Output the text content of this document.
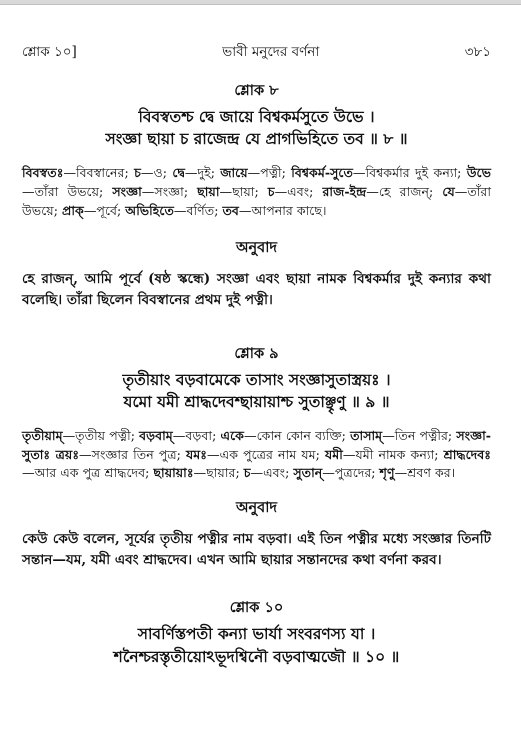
শ্লোক ১০]	ভাবী মনুদের বর্ণনা	৩৮১
শ্লোক ৮
বিবস্বতশ্চ দ্বে জায়ে বিশ্বকর্মসুতে উভে ।
সংজ্ঞা ছায়া চ রাজেন্দ্র যে প্রাগভিহিতে তব ॥ ৮ ॥
বিবস্বতঃ—বিবস্বানের; চ—ও; দ্বে—দুই; জায়ে—পত্নী; বিশ্বকর্ম-সুতে—বিশ্বকর্মার দুই কন্যা; উভে—তাঁরা উভয়ে; সংজ্ঞা—সংজ্ঞা; ছায়া—ছায়া; চ—এবং; রাজ-ইন্দ্র—হে রাজন্; যে—তাঁরা উভয়ে; প্রাক্—পূর্বে; অভিহিতে—বর্ণিত; তব—আপনার কাছে।
অনুবাদ
হে রাজন্, আমি পূর্বে (ষষ্ঠ স্কন্ধে) সংজ্ঞা এবং ছায়া নামক বিশ্বকর্মার দুই কন্যার কথা বলেছি। তাঁরা ছিলেন বিবস্বানের প্রথম দুই পত্নী।
শ্লোক ৯
তৃতীয়াং বড়বামেকে তাসাং সংজ্ঞাসুতাস্ত্রয়ঃ ।
যমো যমী শ্রাদ্ধদেবশ্ছায়ায়াশ্চ সুতাঞ্ছৃণু ॥ ৯ ॥
তৃতীয়াম্—তৃতীয় পত্নী; বড়বাম্—বড়বা; একে—কোন কোন ব্যক্তি; তাসাম্—তিন পত্নীর; সংজ্ঞা-সুতাঃ ত্রয়ঃ—সংজ্ঞার তিন পুত্র; যমঃ—এক পুত্রের নাম যম; যমী—যমী নামক কন্যা; শ্রাদ্ধদেবঃ—আর এক পুত্র শ্রাদ্ধদেব; ছায়ায়াঃ—ছায়ার; চ—এবং; সুতান্—পুত্রদের; শৃণু—শ্রবণ কর।
অনুবাদ
কেউ কেউ বলেন, সূর্যের তৃতীয় পত্নীর নাম বড়বা। এই তিন পত্নীর মধ্যে সংজ্ঞার তিনটি সন্তান—যম, যমী এবং শ্রাদ্ধদেব। এখন আমি ছায়ার সন্তানদের কথা বর্ণনা করব।
শ্লোক ১০
সাবর্ণিস্তপতী কন্যা ভার্যা সংবরণস্য যা ।
শনৈশ্চরস্তৃতীয়োঽভূদশ্বিনৌ বড়বাত্মজৌ ॥ ১০ ॥
